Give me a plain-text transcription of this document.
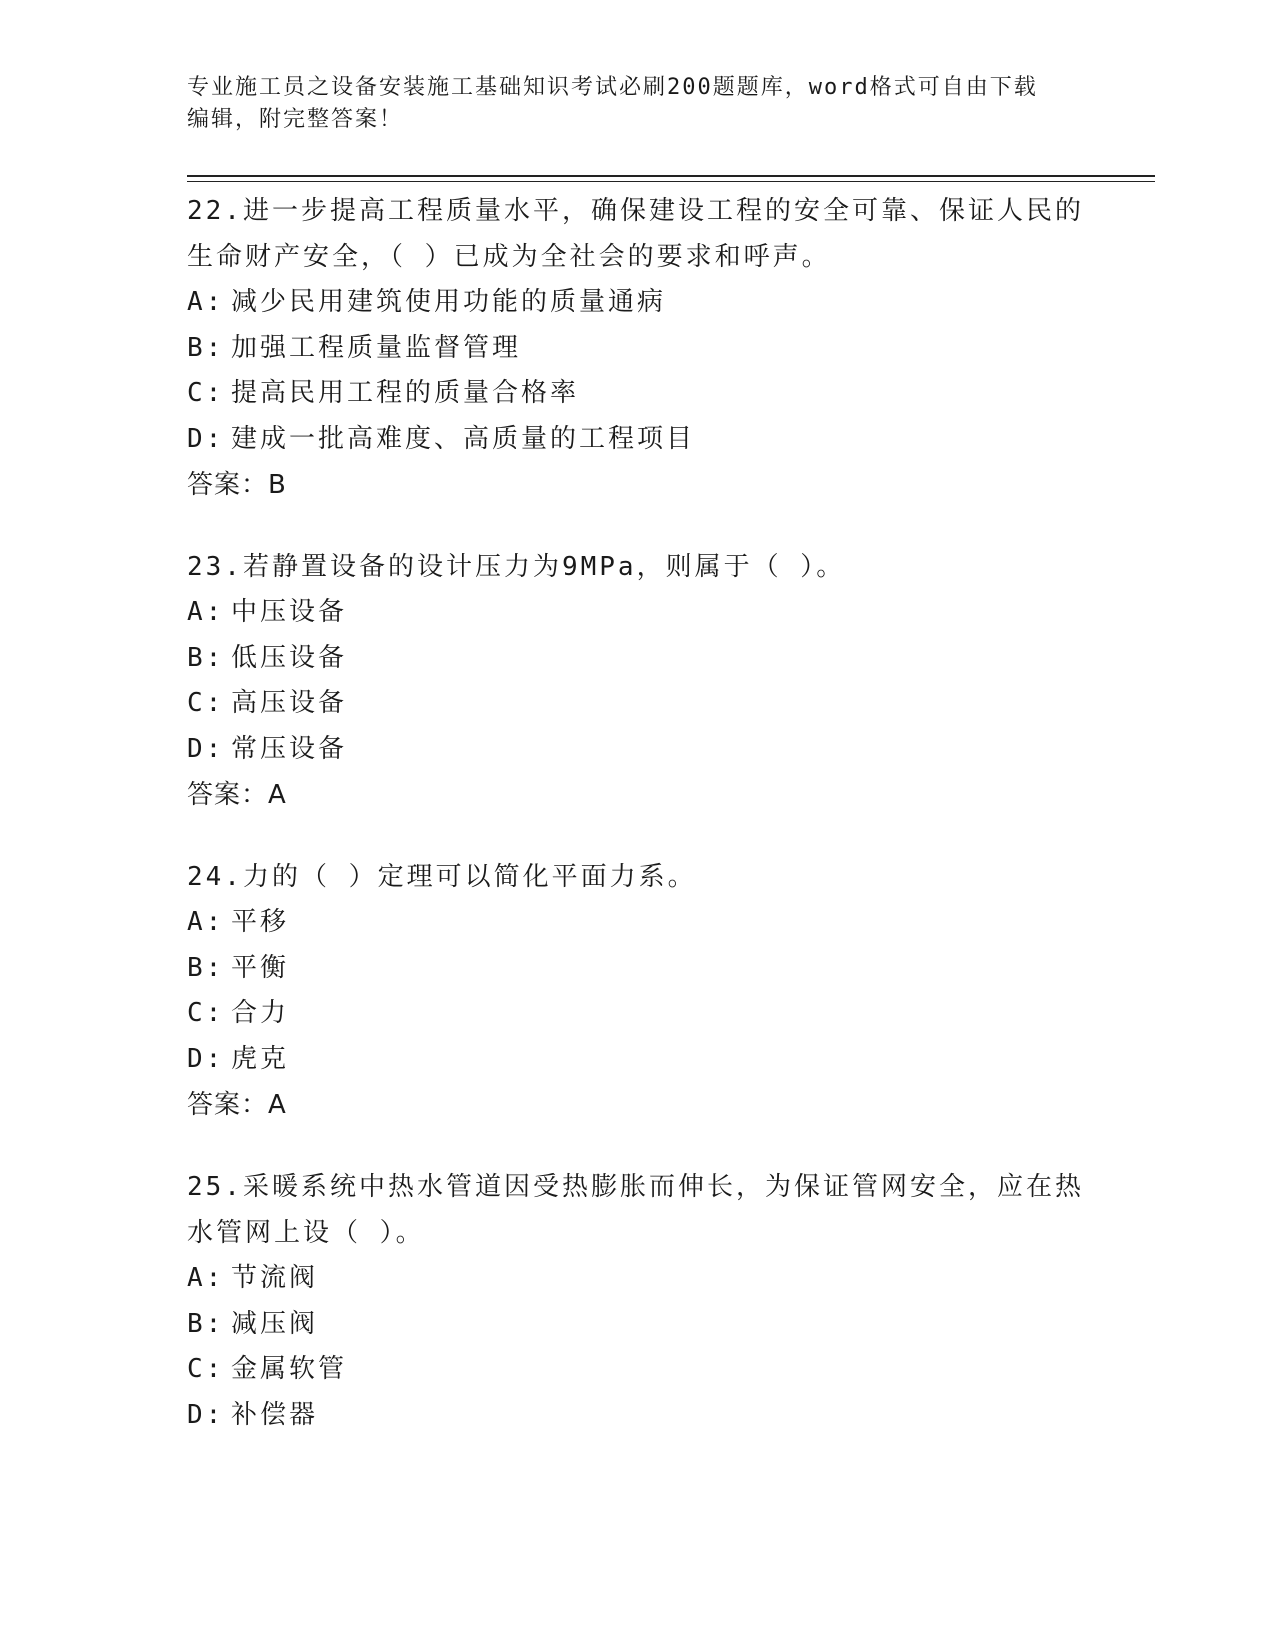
专业施工员之设备安装施工基础知识考试必刷200题题库，word格式可自由下载
编辑，附完整答案！

22.进一步提高工程质量水平，确保建设工程的安全可靠、保证人民的生命财产安全，（ ）已成为全社会的要求和呼声。

A: 减少民用建筑使用功能的质量通病

B: 加强工程质量监督管理

C: 提高民用工程的质量合格率

D: 建成一批高难度、高质量的工程项目

答案：B

23.若静置设备的设计压力为9MPa，则属于（ ）。

A: 中压设备

B: 低压设备

C: 高压设备

D: 常压设备

答案：A

24.力的（ ）定理可以简化平面力系。

A: 平移

B: 平衡

C: 合力

D: 虎克

答案：A

25.采暖系统中热水管道因受热膨胀而伸长，为保证管网安全，应在热水管网上设（ ）。

A: 节流阀

B: 减压阀

C: 金属软管

D: 补偿器
